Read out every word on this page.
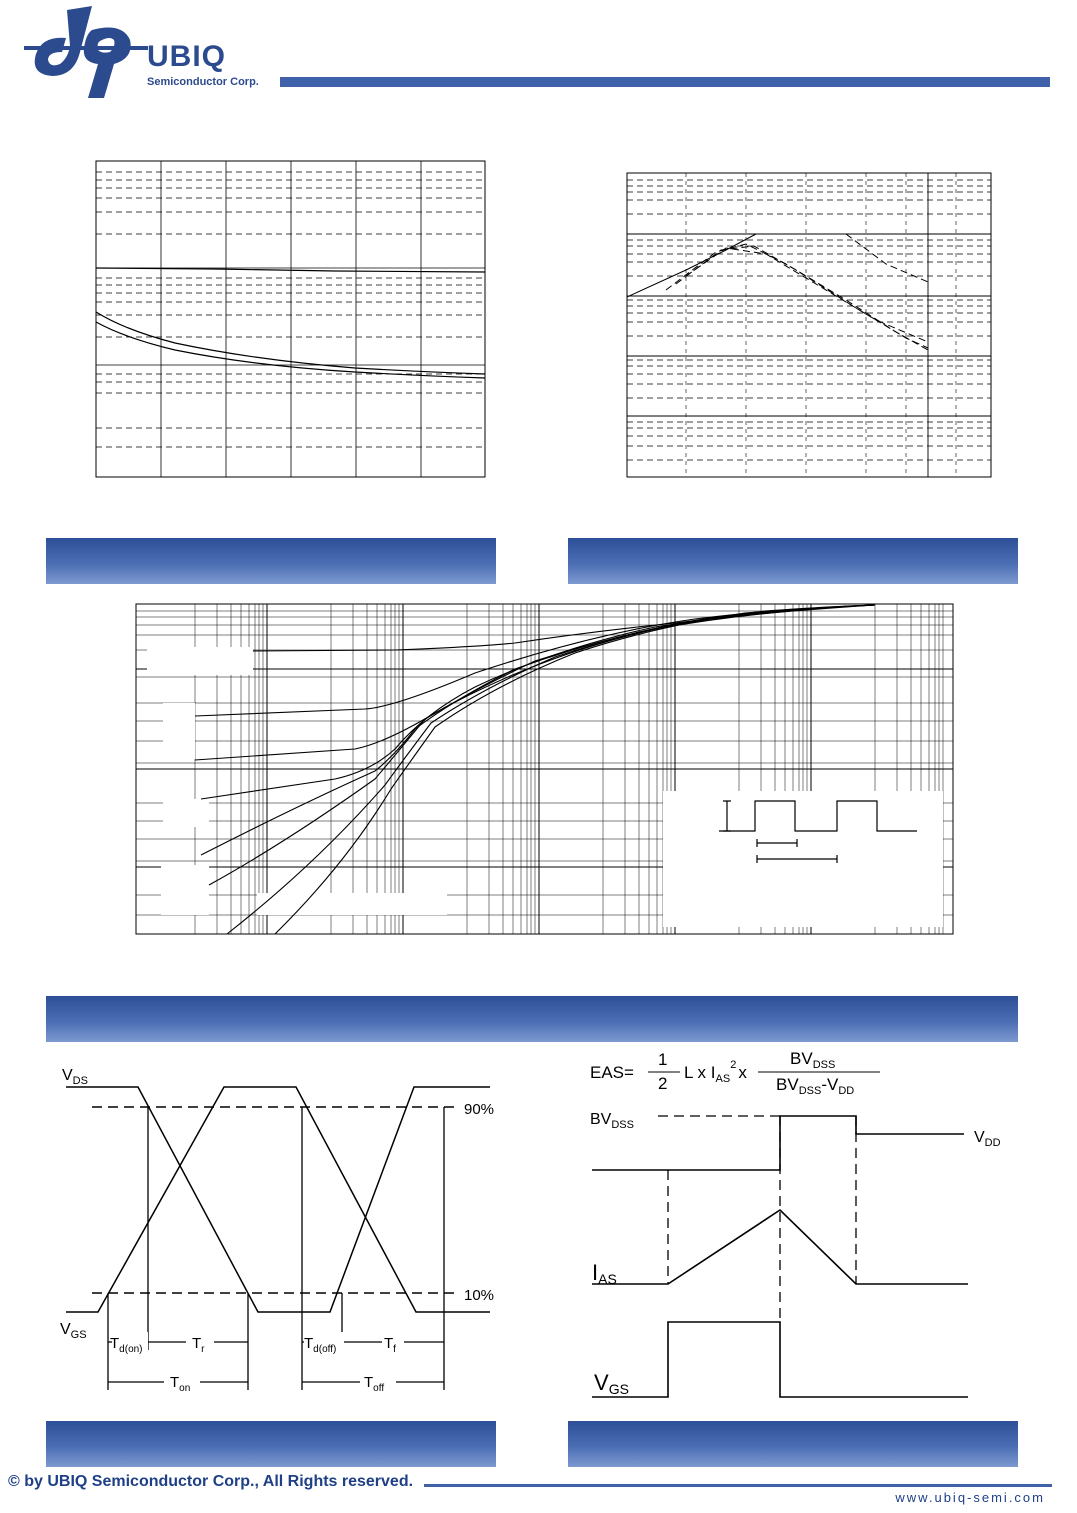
UBIQ
Semiconductor Corp.
$V_{DS}$
$V_{GS}$
90%
10%
$T_{d(on)}$	$T_r$	$T_{d(off)}$	$T_f$
$T_{on}$	$T_{off}$
EAS=
1
2
L x $I_{AS}^2$ x
$BV_{DSS}$
$BV_{DSS}-V_{DD}$
$BV_{DSS}$
$V_{DD}$
IAS
VGS
© by UBIQ Semiconductor Corp., All Rights reserved.
www.ubiq-semi.com
